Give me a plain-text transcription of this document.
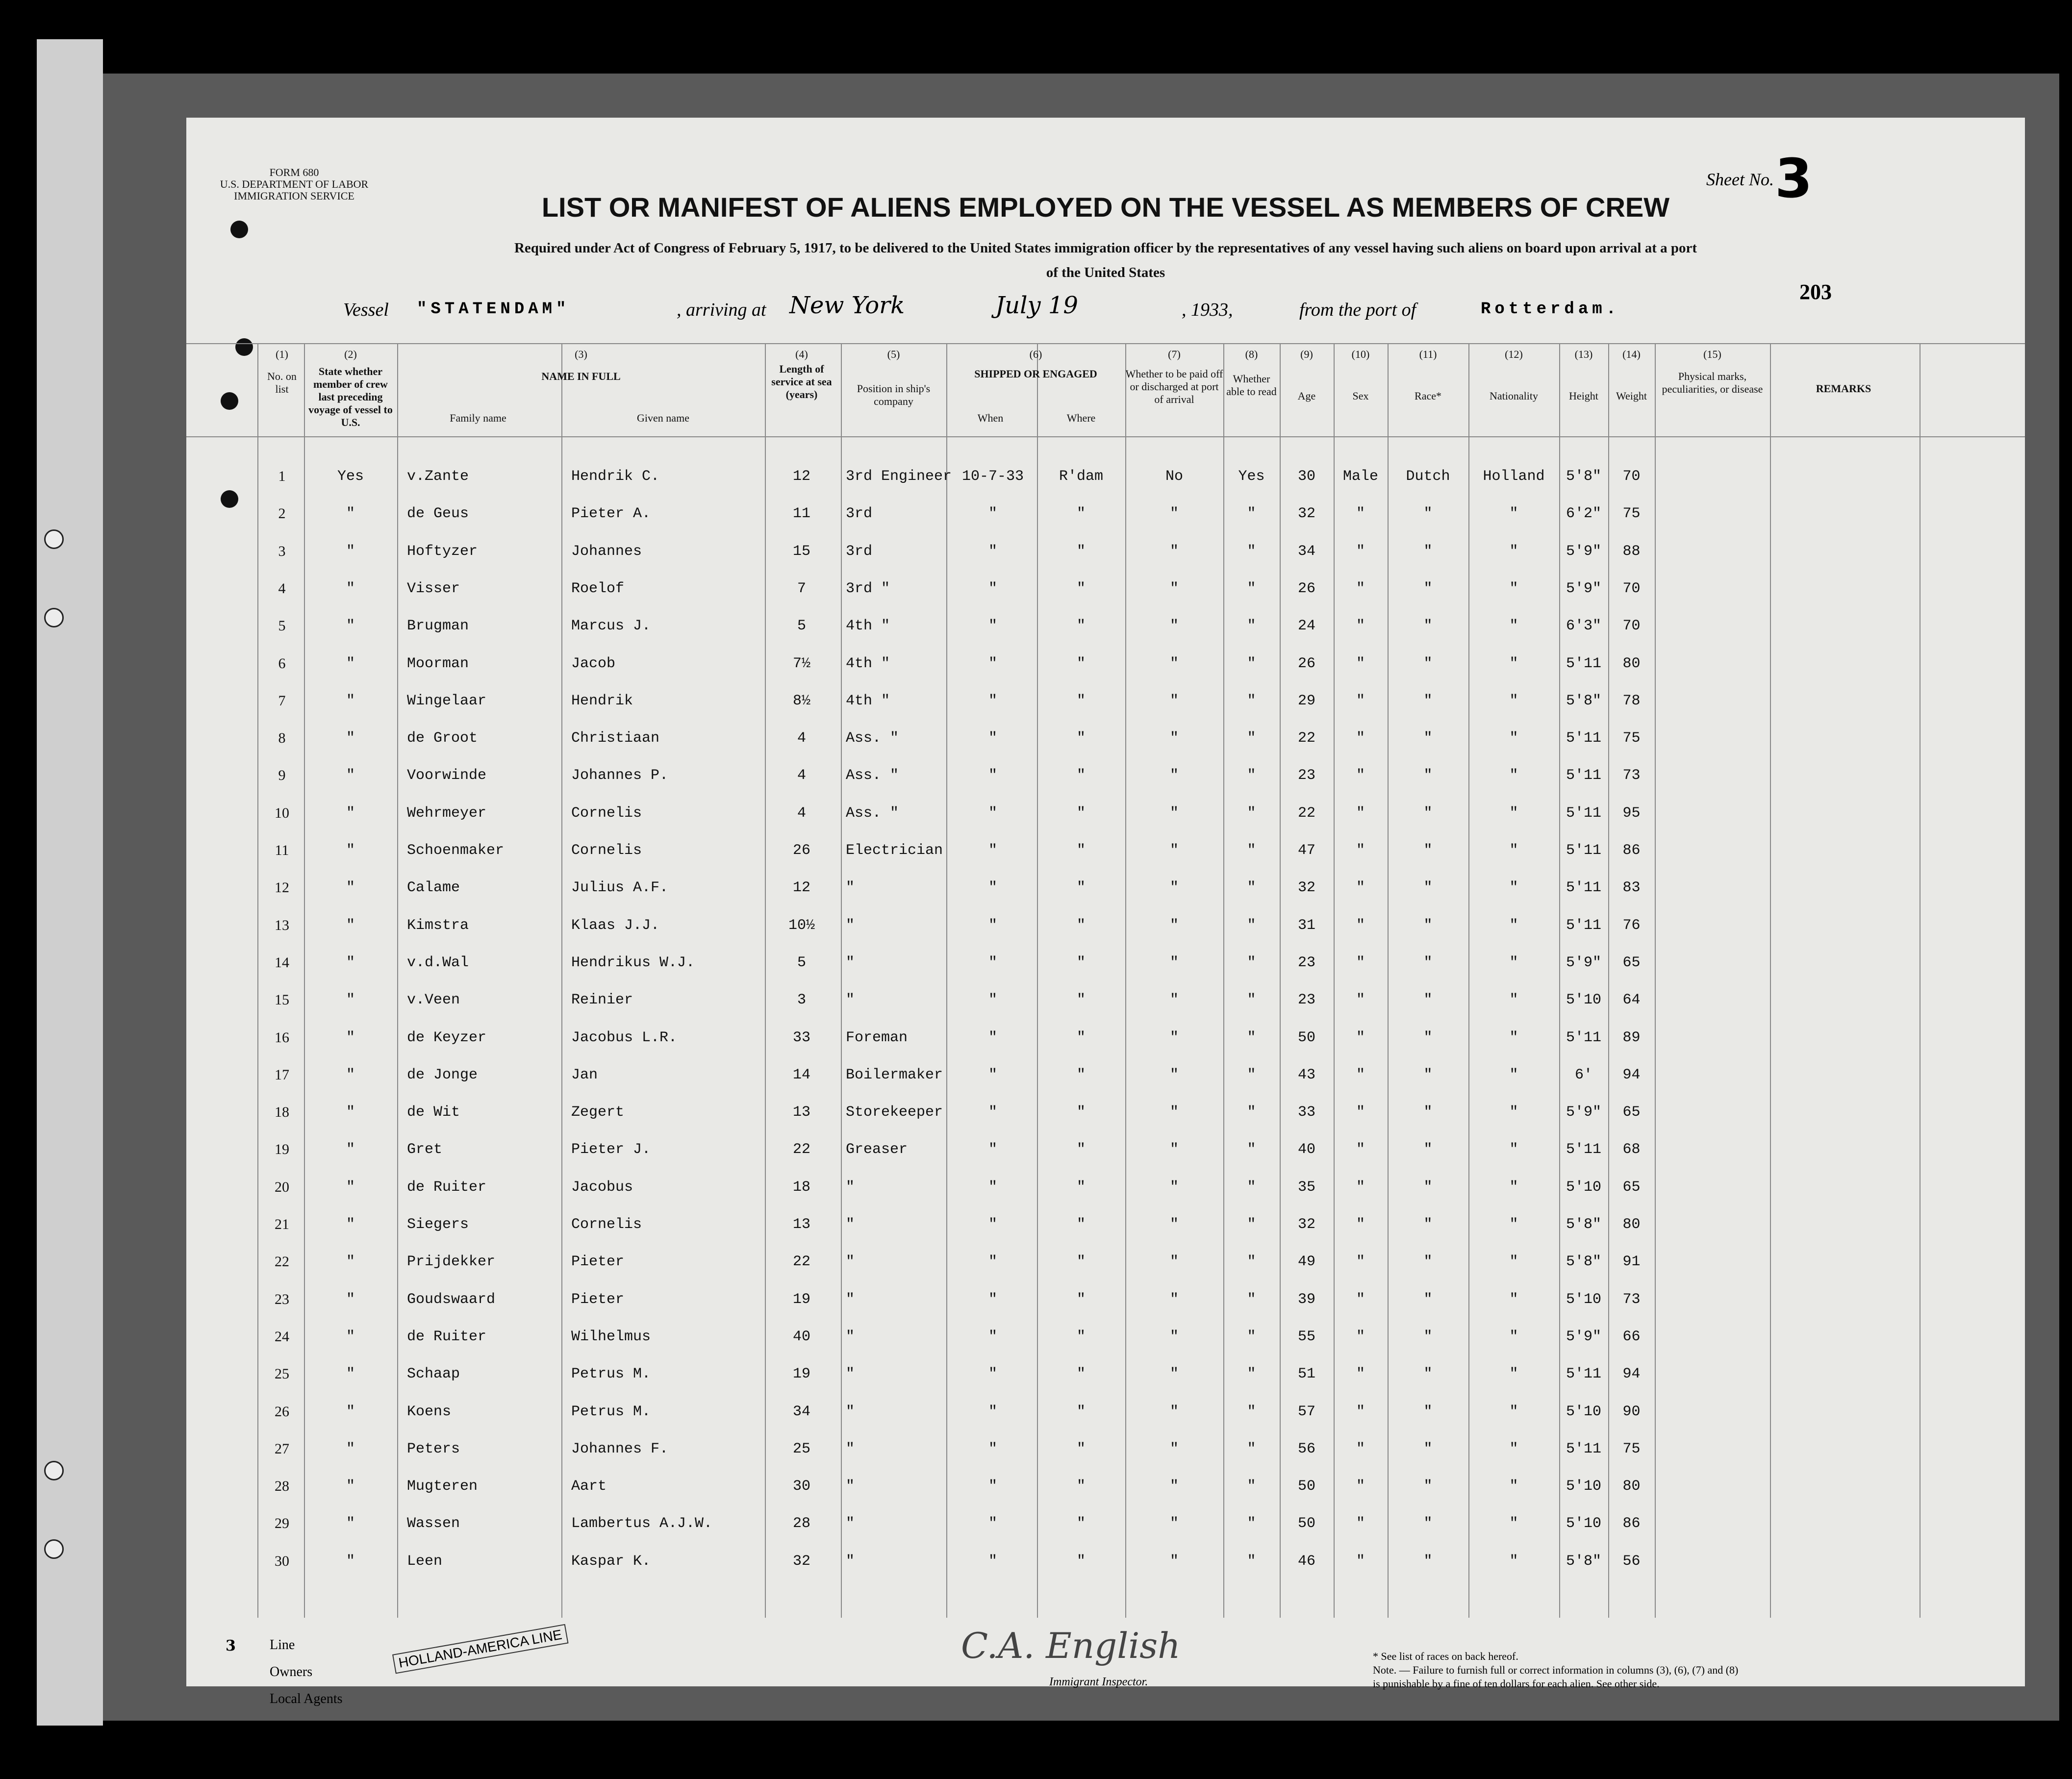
FORM 680
U.S. DEPARTMENT OF LABOR
IMMIGRATION SERVICE
Sheet No. 3
203
LIST OR MANIFEST OF ALIENS EMPLOYED ON THE VESSEL AS MEMBERS OF CREW
Required under Act of Congress of February 5, 1917, to be delivered to the United States immigration officer by the representatives of any vessel having such aliens on board upon arrival at a port
of the United States
Vessel "STATENDAM"	, arriving at New York	July 19	, 1933,	from the port of	Rotterdam.
(1)
No. on list
(2)
State whether member of crew last preceding voyage of vessel to U.S.
(3)
NAME IN FULL
Family name	Given name
(4)
Length of service at sea (years)
(5)
Position in ship's company
(6)
SHIPPED OR ENGAGED
When	Where
(7)
Whether to be paid off or discharged at port of arrival
(8)
Whether able to read
(9)
Age
(10)
Sex
(11)
Race*
(12)
Nationality
(13)
Height
(14)
Weight
(15)
Physical marks, peculiarities, or disease	REMARKS
1	Yes	v.Zante	Hendrik C.	12	3rd Engineer 10-7-33	R'dam	No	Yes	30	Male	Dutch	Holland	5'8"	70
2	"	de Geus	Pieter A.	11	3rd	"	"	"	"	32	"	"	"	6'2"	75
3	"	Hoftyzer	Johannes	15	3rd	"	"	"	"	34	"	"	"	5'9"	88
4	"	Visser	Roelof	7	3rd "	"	"	"	"	26	"	"	"	5'9"	70
5	"	Brugman	Marcus J.	5	4th "	"	"	"	"	24	"	"	"	6'3"	70
6	"	Moorman	Jacob	7½	4th "	"	"	"	"	26	"	"	"	5'11	80
7	"	Wingelaar	Hendrik	8½	4th "	"	"	"	"	29	"	"	"	5'8"	78
8	"	de Groot	Christiaan	4	Ass. "	"	"	"	"	22	"	"	"	5'11	75
9	"	Voorwinde	Johannes P.	4	Ass. "	"	"	"	"	23	"	"	"	5'11	73
10	"	Wehrmeyer	Cornelis	4	Ass. "	"	"	"	"	22	"	"	"	5'11	95
11	"	Schoenmaker	Cornelis	26	Electrician	"	"	"	"	47	"	"	"	5'11	86
12	"	Calame	Julius A.F.	12	"	"	"	"	"	32	"	"	"	5'11	83
13	"	Kimstra	Klaas J.J.	10½	"	"	"	"	"	31	"	"	"	5'11	76
14	"	v.d.Wal	Hendrikus W.J.	5	"	"	"	"	"	23	"	"	"	5'9"	65
15	"	v.Veen	Reinier	3	"	"	"	"	"	23	"	"	"	5'10	64
16	"	de Keyzer	Jacobus L.R.	33	Foreman	"	"	"	"	50	"	"	"	5'11	89
17	"	de Jonge	Jan	14	Boilermaker	"	"	"	"	43	"	"	"	6'	94
18	"	de Wit	Zegert	13	Storekeeper	"	"	"	"	33	"	"	"	5'9"	65
19	"	Gret	Pieter J.	22	Greaser	"	"	"	"	40	"	"	"	5'11	68
20	"	de Ruiter	Jacobus	18	"	"	"	"	"	35	"	"	"	5'10	65
21	"	Siegers	Cornelis	13	"	"	"	"	"	32	"	"	"	5'8"	80
22	"	Prijdekker	Pieter	22	"	"	"	"	"	49	"	"	"	5'8"	91
23	"	Goudswaard	Pieter	19	"	"	"	"	"	39	"	"	"	5'10	73
24	"	de Ruiter	Wilhelmus	40	"	"	"	"	"	55	"	"	"	5'9"	66
25	"	Schaap	Petrus M.	19	"	"	"	"	"	51	"	"	"	5'11	94
26	"	Koens	Petrus M.	34	"	"	"	"	"	57	"	"	"	5'10	90
27	"	Peters	Johannes F.	25	"	"	"	"	"	56	"	"	"	5'11	75
28	"	Mugteren	Aart	30	"	"	"	"	"	50	"	"	"	5'10	80
29	"	Wassen	Lambertus A.J.W.	28	"	"	"	"	"	50	"	"	"	5'10	86
30	"	Leen	Kaspar K.	32	"	"	"	"	"	46	"	"	"	5'8"	56
3 Line
Owners
Local Agents
HOLLAND-AMERICA LINE	C.A. English
Immigrant Inspector.
* See list of races on back hereof.
Note. — Failure to furnish full or correct information in columns (3), (6), (7) and (8)
is punishable by a fine of ten dollars for each alien. See other side.
